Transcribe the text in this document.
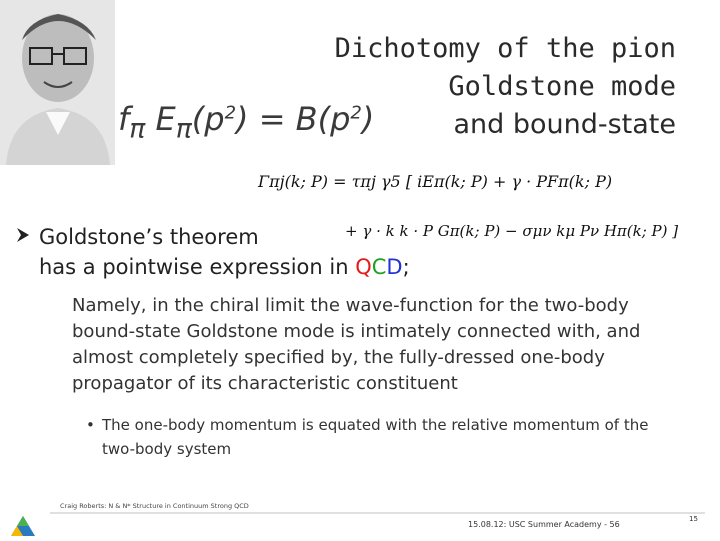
Dichotomy of the pion
Goldstone mode
and bound-state
$f_\pi$ $E_\pi(p^2) = B(p^2)$
Γπj(k; P) = τπj γ5 [ iEπ(k; P) + γ · PFπ(k; P)
+ γ · k k · P Gπ(k; P) − σμν kμ Pν Hπ(k; P) ]
Goldstone’s theorem
has a pointwise expression in QCD;
Namely, in the chiral limit the wave-function for the two-body bound-state Goldstone mode is intimately connected with, and almost completely specified by, the fully-dressed one-body propagator of its characteristic constituent
• The one-body momentum is equated with the relative momentum of the two-body system
Craig Roberts: N & N* Structure in Continuum Strong QCD
15.08.12: USC Summer Academy - 56
15
